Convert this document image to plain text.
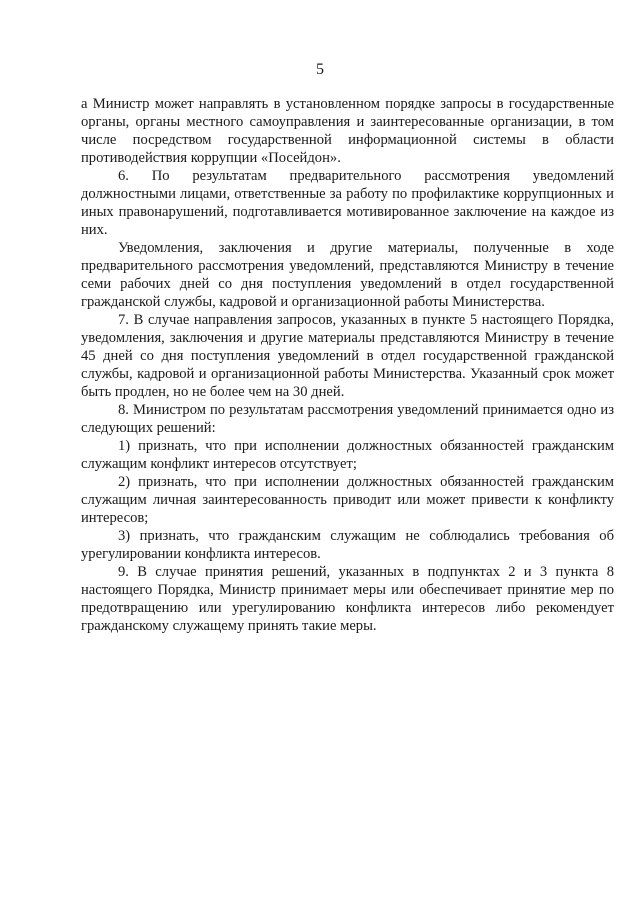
5

а Министр может направлять в установленном порядке запросы в государственные органы, органы местного самоуправления и заинтересованные организации, в том числе посредством государственной информационной системы в области противодействия коррупции «Посейдон».

6. По результатам предварительного рассмотрения уведомлений должностными лицами, ответственные за работу по профилактике коррупционных и иных правонарушений, подготавливается мотивированное заключение на каждое из них.

Уведомления, заключения и другие материалы, полученные в ходе предварительного рассмотрения уведомлений, представляются Министру в течение семи рабочих дней со дня поступления уведомлений в отдел государственной гражданской службы, кадровой и организационной работы Министерства.

7. В случае направления запросов, указанных в пункте 5 настоящего Порядка, уведомления, заключения и другие материалы представляются Министру в течение 45 дней со дня поступления уведомлений в отдел государственной гражданской службы, кадровой и организационной работы Министерства. Указанный срок может быть продлен, но не более чем на 30 дней.

8. Министром по результатам рассмотрения уведомлений принимается одно из следующих решений:

1) признать, что при исполнении должностных обязанностей гражданским служащим конфликт интересов отсутствует;

2) признать, что при исполнении должностных обязанностей гражданским служащим личная заинтересованность приводит или может привести к конфликту интересов;

3) признать, что гражданским служащим не соблюдались требования об урегулировании конфликта интересов.

9. В случае принятия решений, указанных в подпунктах 2 и 3 пункта 8 настоящего Порядка, Министр принимает меры или обеспечивает принятие мер по предотвращению или урегулированию конфликта интересов либо рекомендует гражданскому служащему принять такие меры.
